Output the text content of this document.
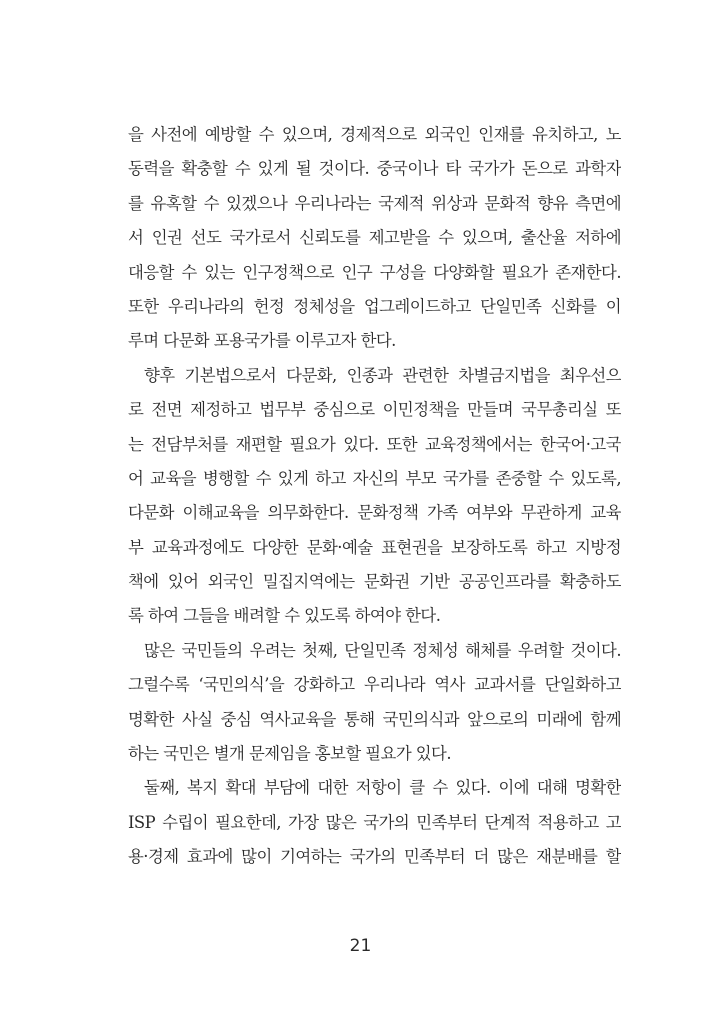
을 사전에 예방할 수 있으며, 경제적으로 외국인 인재를 유치하고, 노
동력을 확충할 수 있게 될 것이다. 중국이나 타 국가가 돈으로 과학자
를 유혹할 수 있겠으나 우리나라는 국제적 위상과 문화적 향유 측면에
서 인권 선도 국가로서 신뢰도를 제고받을 수 있으며, 출산율 저하에
대응할 수 있는 인구정책으로 인구 구성을 다양화할 필요가 존재한다.
또한 우리나라의 헌정 정체성을 업그레이드하고 단일민족 신화를 이
루며 다문화 포용국가를 이루고자 한다.
향후 기본법으로서 다문화, 인종과 관련한 차별금지법을 최우선으
로 전면 제정하고 법무부 중심으로 이민정책을 만들며 국무총리실 또
는 전담부처를 재편할 필요가 있다. 또한 교육정책에서는 한국어·고국
어 교육을 병행할 수 있게 하고 자신의 부모 국가를 존중할 수 있도록,
다문화 이해교육을 의무화한다. 문화정책 가족 여부와 무관하게 교육
부 교육과정에도 다양한 문화·예술 표현권을 보장하도록 하고 지방정
책에 있어 외국인 밀집지역에는 문화권 기반 공공인프라를 확충하도
록 하여 그들을 배려할 수 있도록 하여야 한다.
많은 국민들의 우려는 첫째, 단일민족 정체성 해체를 우려할 것이다.
그럴수록 ‘국민의식’을 강화하고 우리나라 역사 교과서를 단일화하고
명확한 사실 중심 역사교육을 통해 국민의식과 앞으로의 미래에 함께
하는 국민은 별개 문제임을 홍보할 필요가 있다.
둘째, 복지 확대 부담에 대한 저항이 클 수 있다. 이에 대해 명확한
ISP 수립이 필요한데, 가장 많은 국가의 민족부터 단계적 적용하고 고
용·경제 효과에 많이 기여하는 국가의 민족부터 더 많은 재분배를 할
21
